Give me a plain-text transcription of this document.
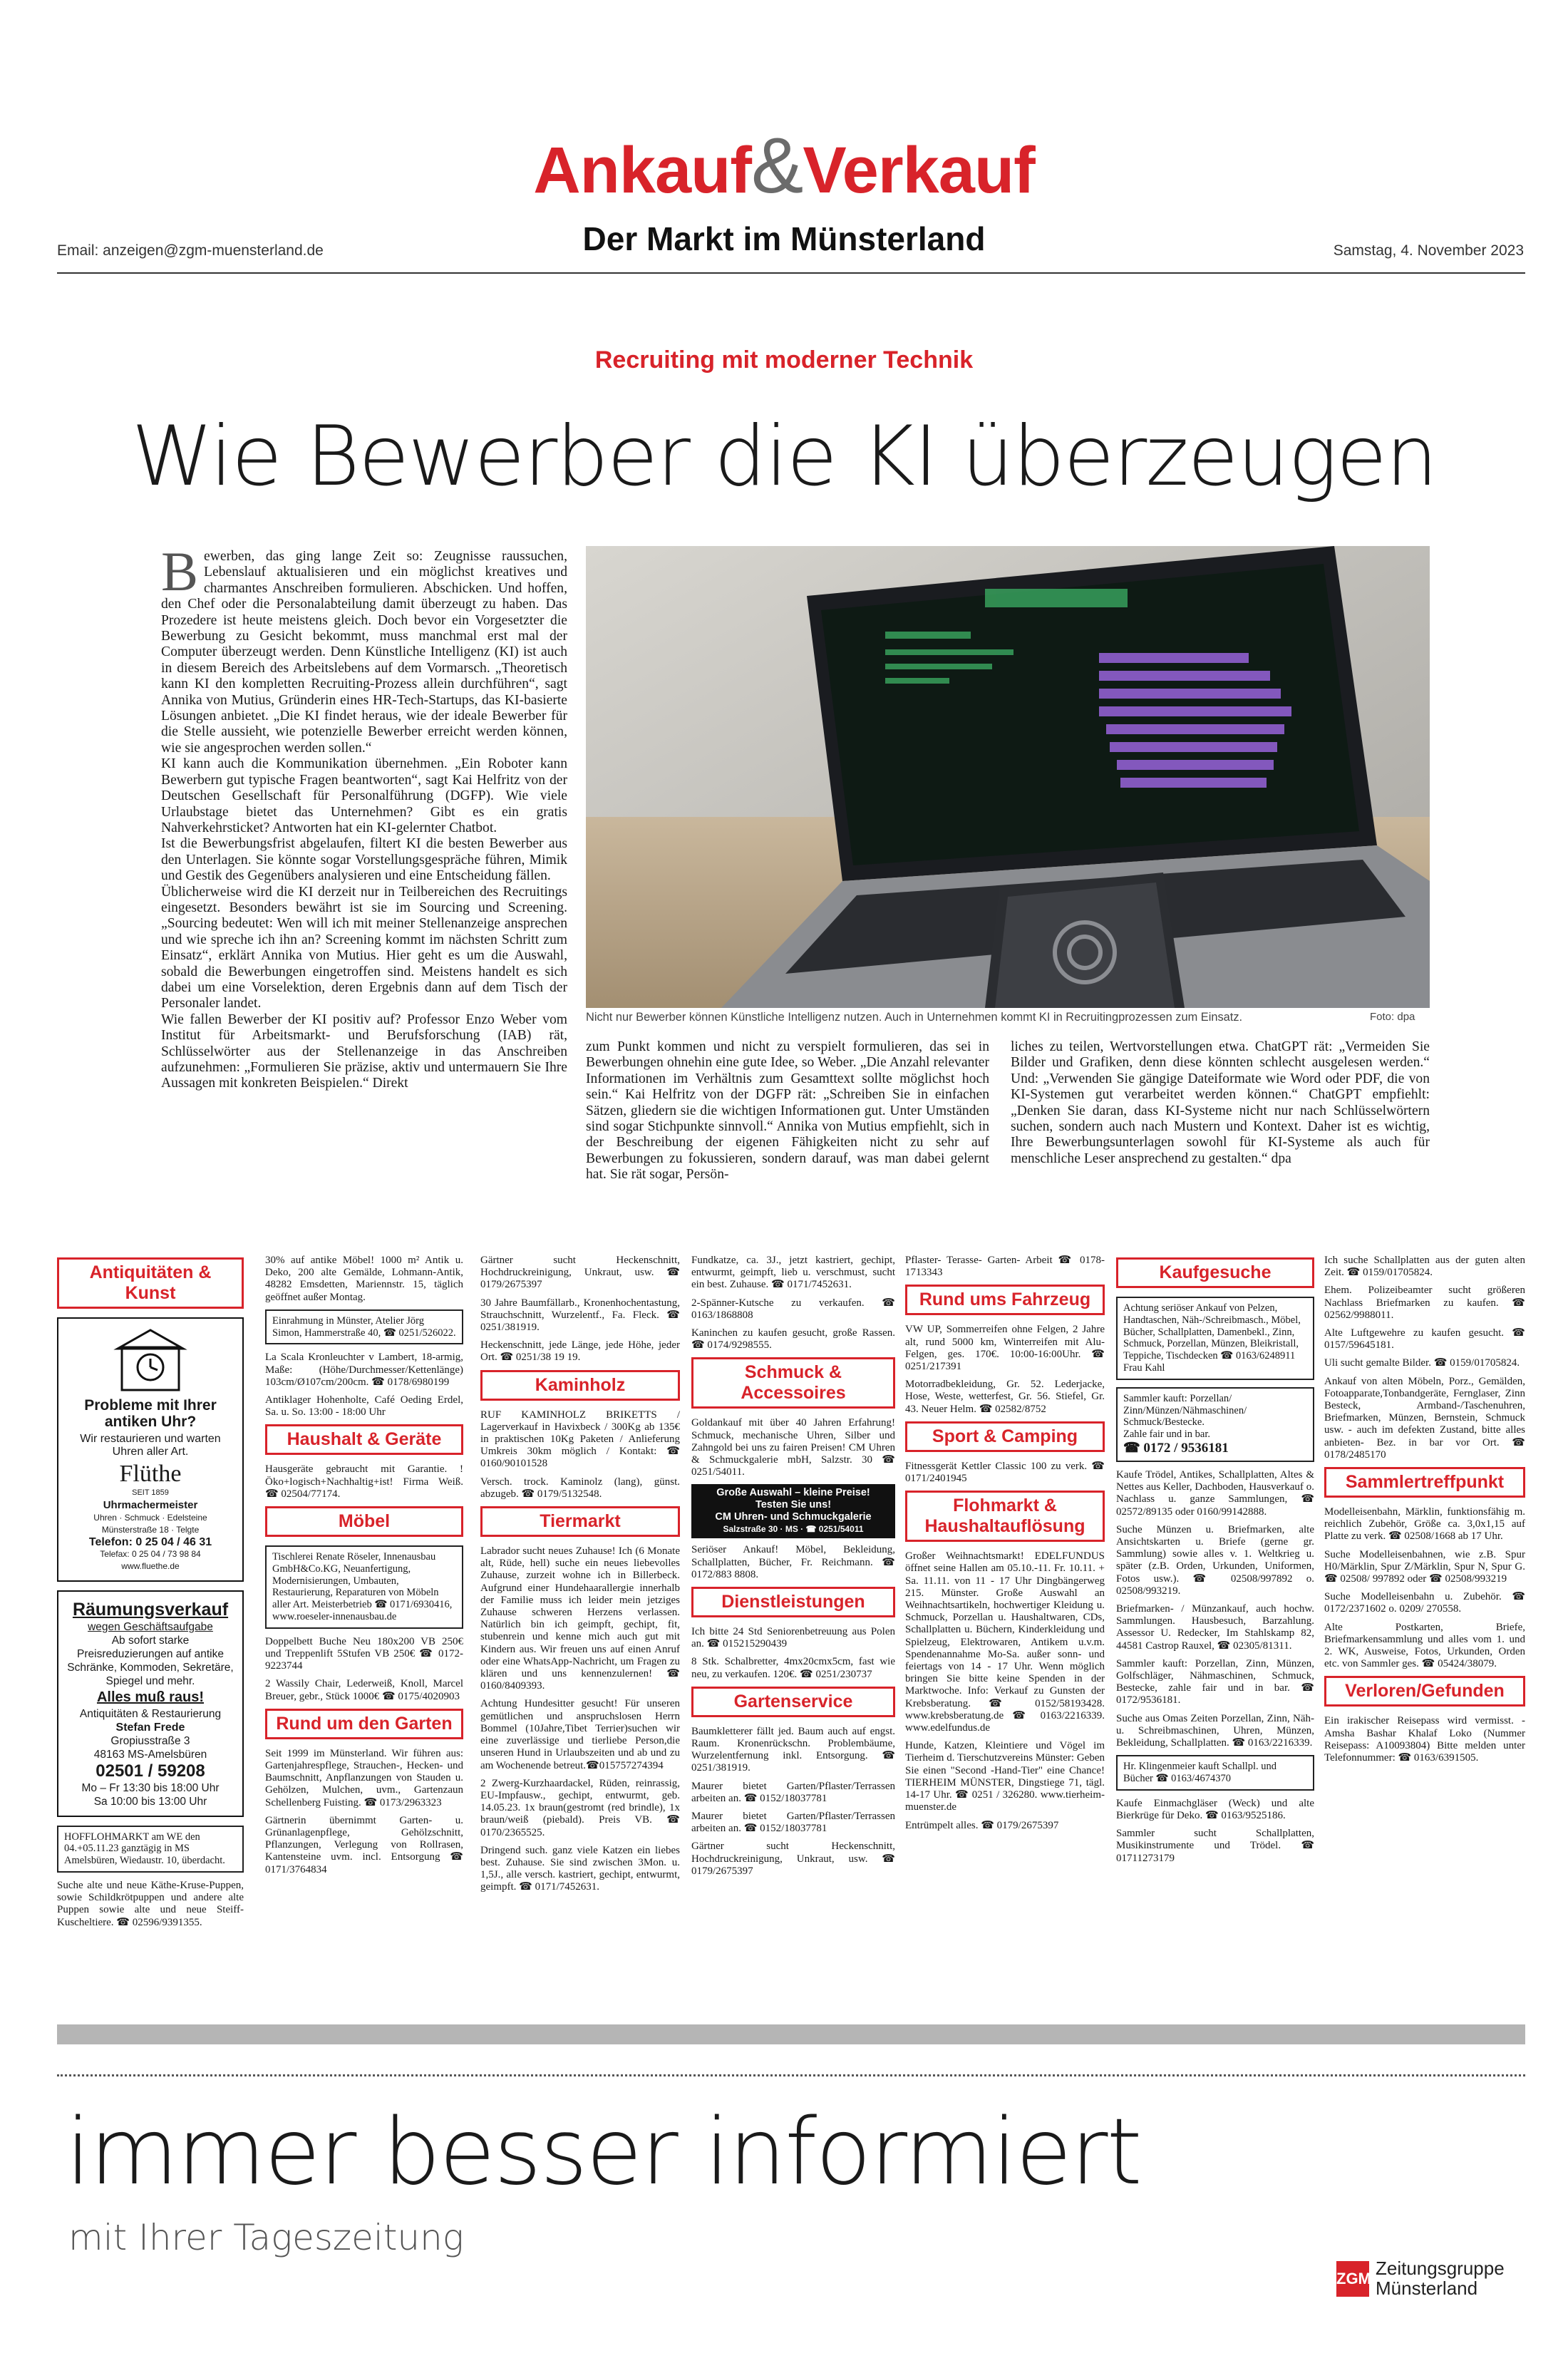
Ankauf&Verkauf
Email: anzeigen@zgm-muensterland.de	Der Markt im Münsterland	Samstag, 4. November 2023
Recruiting mit moderner Technik
Wie Bewerber die KI überzeugen

Bewerben, das ging lange Zeit so: Zeugnisse raussuchen, Lebenslauf aktualisieren und ein möglichst kreatives und charmantes Anschreiben formulieren. Abschicken. Und hoffen, den Chef oder die Personalabteilung damit überzeugt zu haben. Das Prozedere ist heute meistens gleich. Doch bevor ein Vorgesetzter die Bewerbung zu Gesicht bekommt, muss manchmal erst mal der Computer überzeugt werden. Denn Künstliche Intelligenz (KI) ist auch in diesem Bereich des Arbeitslebens auf dem Vormarsch. „Theoretisch kann KI den kompletten Recruiting-Prozess allein durchführen“, sagt Annika von Mutius, Gründerin eines HR-Tech-Startups, das KI-basierte Lösungen anbietet. „Die KI findet heraus, wie der ideale Bewerber für die Stelle aussieht, wie potenzielle Bewerber erreicht werden können, wie sie angesprochen werden sollen.“

KI kann auch die Kommunikation übernehmen. „Ein Roboter kann Bewerbern gut typische Fragen beantworten“, sagt Kai Helfritz von der Deutschen Gesellschaft für Personalführung (DGFP). Wie viele Urlaubstage bietet das Unternehmen? Gibt es ein gratis Nahverkehrsticket? Antworten hat ein KI-gelernter Chatbot.

Ist die Bewerbungsfrist abgelaufen, filtert KI die besten Bewerber aus den Unterlagen. Sie könnte sogar Vorstellungsgespräche führen, Mimik und Gestik des Gegenübers analysieren und eine Entscheidung fällen.

Üblicherweise wird die KI derzeit nur in Teilbereichen des Recruitings eingesetzt. Besonders bewährt ist sie im Sourcing und Screening. „Sourcing bedeutet: Wen will ich mit meiner Stellenanzeige ansprechen und wie spreche ich ihn an? Screening kommt im nächsten Schritt zum Einsatz“, erklärt Annika von Mutius. Hier geht es um die Auswahl, sobald die Bewerbungen eingetroffen sind. Meistens handelt es sich dabei um eine Vorselektion, deren Ergebnis dann auf dem Tisch der Personaler landet.

Wie fallen Bewerber der KI positiv auf? Professor Enzo Weber vom Institut für Arbeitsmarkt- und Berufsforschung (IAB) rät, Schlüsselwörter aus der Stellenanzeige in das Anschreiben aufzunehmen: „Formulieren Sie präzise, aktiv und untermauern Sie Ihre Aussagen mit konkreten Beispielen.“ Direkt

Nicht nur Bewerber können Künstliche Intelligenz nutzen. Auch in Unternehmen kommt KI in Recruitingprozessen zum Einsatz.	Foto: dpa
zum Punkt kommen und nicht zu verspielt formulieren, das sei in Bewerbungen ohnehin eine gute Idee, so Weber. „Die Anzahl relevanter Informationen im Verhältnis zum Gesamttext sollte möglichst hoch sein.“ Kai Helfritz von der DGFP rät: „Schreiben Sie in einfachen Sätzen, gliedern sie die wichtigen Informationen gut. Unter Umständen sind sogar Stichpunkte sinnvoll.“ Annika von Mutius empfiehlt, sich in der Beschreibung der eigenen Fähigkeiten nicht zu sehr auf Bewerbungen zu fokussieren, sondern darauf, was man dabei gelernt hat. Sie rät sogar, Persön-
liches zu teilen, Wertvorstellungen etwa. ChatGPT rät: „Vermeiden Sie Bilder und Grafiken, denn diese könnten schlecht ausgelesen werden.“ Und: „Verwenden Sie gängige Dateiformate wie Word oder PDF, die von KI-Systemen gut verarbeitet werden können.“ ChatGPT empfiehlt: „Denken Sie daran, dass KI-Systeme nicht nur nach Schlüsselwörtern suchen, sondern auch nach Mustern und Kontext. Daher ist es wichtig, Ihre Bewerbungsunterlagen sowohl für KI-Systeme als auch für menschliche Leser ansprechend zu gestalten.“ dpa
Antiquitäten & Kunst
Probleme mit Ihrer antiken Uhr?
Wir restaurieren und warten Uhren aller Art.
Flüthe
SEIT 1859
Uhrmachermeister
Uhren · Schmuck · Edelsteine
Münsterstraße 18 · Telgte
Telefon: 0 25 04 / 46 31
Telefax: 0 25 04 / 73 98 84
www.fluethe.de
Räumungsverkauf
wegen Geschäftsaufgabe
Ab sofort starke
Preisreduzierungen auf antike Schränke, Kommoden, Sekretäre, Spiegel und mehr.
Alles muß raus!
Antiquitäten & Restaurierung
Stefan Frede
Gropiusstraße 3
48163 MS-Amelsbüren
02501 / 59208
Mo – Fr 13:30 bis 18:00 Uhr
Sa 10:00 bis 13:00 Uhr
HOFFLOHMARKT am WE den 04.+05.11.23 ganztägig in MS Amelsbüren, Wiedaustr. 10, überdacht.

Suche alte und neue Käthe-Kruse-Puppen, sowie Schildkrötpuppen und andere alte Puppen sowie alte und neue Steiff-Kuscheltiere. ☎ 02596/9391355.

30% auf antike Möbel! 1000 m² Antik u. Deko, 200 alte Gemälde, Lohmann-Antik, 48282 Emsdetten, Mariennstr. 15, täglich geöffnet außer Montag.

Einrahmung in Münster, Atelier Jörg Simon, Hammerstraße 40, ☎ 0251/526022.

La Scala Kronleuchter v Lambert, 18-armig, Maße: (Höhe/Durchmesser/Kettenlänge) 103cm/Ø107cm/200cm. ☎ 0178/6980199

Antiklager Hohenholte, Café Oeding Erdel, Sa. u. So. 13:00 - 18:00 Uhr

Haushalt & Geräte

Hausgeräte gebraucht mit Garantie. !Öko+logisch+Nachhaltig+ist! Firma Weiß. ☎ 02504/77174.

Möbel
Tischlerei Renate Röseler, Innenausbau GmbH&Co.KG, Neuanfertigung, Modernisierungen, Umbauten, Restaurierung, Reparaturen von Möbeln aller Art. Meisterbetrieb ☎ 0171/6930416, www.roeseler-innenausbau.de

Doppelbett Buche Neu 180x200 VB 250€ und Treppenlift 5Stufen VB 250€ ☎ 0172-9223744

2 Wassily Chair, Lederweiß, Knoll, Marcel Breuer, gebr., Stück 1000€ ☎ 0175/4020903

Rund um den Garten

Seit 1999 im Münsterland. Wir führen aus: Gartenjahrespflege, Strauchen-, Hecken- und Baumschnitt, Anpflanzungen von Stauden u. Gehölzen, Mulchen, uvm., Gartenzaun Schellenberg Fuisting. ☎ 0173/2963323

Gärtnerin übernimmt Garten- u. Grünanlagenpflege, Gehölzschnitt, Pflanzungen, Verlegung von Rollrasen, Kantensteine uvm. incl. Entsorgung ☎ 0171/3764834

Gärtner sucht Heckenschnitt, Hochdruckreinigung, Unkraut, usw. ☎ 0179/2675397

30 Jahre Baumfällarb., Kronenhochentastung, Strauchschnitt, Wurzelentf., Fa. Fleck. ☎ 0251/381919.

Heckenschnitt, jede Länge, jede Höhe, jeder Ort. ☎ 0251/38 19 19.

Kaminholz

RUF KAMINHOLZ BRIKETTS / Lagerverkauf in Havixbeck / 300Kg ab 135€ in praktischen 10Kg Paketen / Anlieferung Umkreis 30km möglich / Kontakt: ☎ 0160/90101528

Versch. trock. Kaminolz (lang), günst. abzugeb. ☎ 0179/5132548.

Tiermarkt

Labrador sucht neues Zuhause! Ich (6 Monate alt, Rüde, hell) suche ein neues liebevolles Zuhause, zurzeit wohne ich in Billerbeck. Aufgrund einer Hundehaarallergie innerhalb der Familie muss ich leider mein jetziges Zuhause schweren Herzens verlassen. Natürlich bin ich geimpft, gechipt, fit, stubenrein und kenne mich auch gut mit Kindern aus. Wir freuen uns auf einen Anruf oder eine WhatsApp-Nachricht, um Fragen zu klären und uns kennenzulernen! ☎ 0160/8409393.

Achtung Hundesitter gesucht! Für unseren gemütlichen und anspruchslosen Herrn Bommel (10Jahre,Tibet Terrier)suchen wir eine zuverlässige und tierliebe Person,die unseren Hund in Urlaubszeiten und ab und zu am Wochenende betreut.☎015757274394

2 Zwerg-Kurzhaardackel, Rüden, reinrassig, EU-Impfausw., gechipt, entwurmt, geb. 14.05.23. 1x braun(gestromt (red brindle), 1x braun/weiß (piebald). Preis VB. ☎ 0170/2365525.

Dringend such. ganz viele Katzen ein liebes best. Zuhause. Sie sind zwischen 3Mon. u. 1,5J., alle versch. kastriert, gechipt, entwurmt, geimpft. ☎ 0171/7452631.

Fundkatze, ca. 3J., jetzt kastriert, gechipt, entwurmt, geimpft, lieb u. verschmust, sucht ein best. Zuhause. ☎ 0171/7452631.

2-Spänner-Kutsche zu verkaufen. ☎ 0163/1868808

Kaninchen zu kaufen gesucht, große Rassen. ☎ 0174/9298555.

Schmuck & Accessoires

Goldankauf mit über 40 Jahren Erfahrung! Schmuck, mechanische Uhren, Silber und Zahngold bei uns zu fairen Preisen! CM Uhren & Schmuckgalerie mbH, Salzstr. 30 ☎ 0251/54011.

Große Auswahl – kleine Preise!
Testen Sie uns!
CM Uhren- und Schmuckgalerie
Salzstraße 30 · MS · ☎ 0251/54011

Seriöser Ankauf! Möbel, Bekleidung, Schallplatten, Bücher, Fr. Reichmann. ☎ 0172/883 8808.

Dienstleistungen

Ich bitte 24 Std Seniorenbetreuung aus Polen an. ☎ 015215290439

8 Stk. Schalbretter, 4mx20cmx5cm, fast wie neu, zu verkaufen. 120€. ☎ 0251/230737

Gartenservice

Baumkletterer fällt jed. Baum auch auf engst. Raum. Kronenrückschn. Problembäume, Wurzelentfernung inkl. Entsorgung. ☎ 0251/381919.

Maurer bietet Garten/Pflaster/Terrassen arbeiten an. ☎ 0152/18037781

Maurer bietet Garten/Pflaster/Terrassen arbeiten an. ☎ 0152/18037781

Gärtner sucht Heckenschnitt, Hochdruckreinigung, Unkraut, usw. ☎ 0179/2675397

Pflaster- Terasse- Garten- Arbeit ☎ 0178-1713343

Rund ums Fahrzeug

VW UP, Sommerreifen ohne Felgen, 2 Jahre alt, rund 5000 km, Winterreifen mit Alu-Felgen, ges. 170€. 10:00-16:00Uhr. ☎ 0251/217391

Motorradbekleidung, Gr. 52. Lederjacke, Hose, Weste, wetterfest, Gr. 56. Stiefel, Gr. 43. Neuer Helm. ☎ 02582/8752

Sport & Camping

Fitnessgerät Kettler Classic 100 zu verk. ☎ 0171/2401945

Flohmarkt & Haushaltauflösung

Großer Weihnachtsmarkt! EDELFUNDUS öffnet seine Hallen am 05.10.-11. Fr. 10.11. + Sa. 11.11. von 11 - 17 Uhr Dingbängerweg 215. Münster. Große Auswahl an Weihnachtsartikeln, hochwertiger Kleidung u. Schmuck, Porzellan u. Haushaltwaren, CDs, Schallplatten u. Büchern, Kinderkleidung und Spielzeug, Elektrowaren, Antikem u.v.m. Spendenannahme Mo-Sa. außer sonn- und feiertags von 14 - 17 Uhr. Wenn möglich bringen Sie bitte keine Spenden in der Marktwoche. Info: Verkauf zu Gunsten der Krebsberatung. ☎ 0152/58193428. www.krebsberatung.de ☎ 0163/2216339. www.edelfundus.de

Hunde, Katzen, Kleintiere und Vögel im Tierheim d. Tierschutzvereins Münster: Geben Sie einen "Second -Hand-Tier" eine Chance! TIERHEIM MÜNSTER, Dingstiege 71, tägl. 14-17 Uhr. ☎ 0251 / 326280. www.tierheim-muenster.de

Entrümpelt alles. ☎ 0179/2675397

Kaufgesuche
Achtung seriöser Ankauf von Pelzen, Handtaschen, Näh-/Schreibmasch., Möbel, Bücher, Schallplatten, Damenbekl., Zinn, Schmuck, Porzellan, Münzen, Bleikristall, Teppiche, Tischdecken ☎ 0163/6248911 Frau Kahl
Sammler kauft: Porzellan/ Zinn/Münzen/Nähmaschinen/ Schmuck/Bestecke.
Zahle fair und in bar.
☎ 0172 / 9536181

Kaufe Trödel, Antikes, Schallplatten, Altes & Nettes aus Keller, Dachboden, Hausverkauf o. Nachlass u. ganze Sammlungen, ☎ 02572/89135 oder 0160/99142888.

Suche Münzen u. Briefmarken, alte Ansichtskarten u. Briefe (gerne gr. Sammlung) sowie alles v. 1. Weltkrieg u. später (z.B. Orden, Urkunden, Uniformen, Fotos usw.). ☎ 02508/997892 o. 02508/993219.

Briefmarken- / Münzankauf, auch hochw. Sammlungen. Hausbesuch, Barzahlung. Assessor U. Redecker, Im Stahlskamp 82, 44581 Castrop Rauxel, ☎ 02305/81311.

Sammler kauft: Porzellan, Zinn, Münzen, Golfschläger, Nähmaschinen, Schmuck, Bestecke, zahle fair und in bar. ☎ 0172/9536181.

Suche aus Omas Zeiten Porzellan, Zinn, Näh- u. Schreibmaschinen, Uhren, Münzen, Bekleidung, Schallplatten. ☎ 0163/2216339.

Hr. Klingenmeier kauft Schallpl. und Bücher ☎ 0163/4674370

Kaufe Einmachgläser (Weck) und alte Bierkrüge für Deko. ☎ 0163/9525186.

Sammler sucht Schallplatten, Musikinstrumente und Trödel. ☎ 01711273179

Ich suche Schallplatten aus der guten alten Zeit. ☎ 0159/01705824.

Ehem. Polizeibeamter sucht größeren Nachlass Briefmarken zu kaufen. ☎ 02562/9988011.

Alte Luftgewehre zu kaufen gesucht. ☎ 0157/59645181.

Uli sucht gemalte Bilder. ☎ 0159/01705824.

Ankauf von alten Möbeln, Porz., Gemälden, Fotoapparate,Tonbandgeräte, Fernglaser, Zinn Besteck, Armband-/Taschenuhren, Briefmarken, Münzen, Bernstein, Schmuck usw. - auch im defekten Zustand, bitte alles anbieten- Bez. in bar vor Ort. ☎ 0178/2485170

Sammlertreffpunkt

Modelleisenbahn, Märklin, funktionsfähig m. reichlich Zubehör, Größe ca. 3,0x1,15 auf Platte zu verk. ☎ 02508/1668 ab 17 Uhr.

Suche Modelleisenbahnen, wie z.B. Spur H0/Märklin, Spur Z/Märklin, Spur N, Spur G. ☎ 02508/ 997892 oder ☎ 02508/993219

Suche Modelleisenbahn u. Zubehör. ☎ 0172/2371602 o. 0209/ 270558.

Alte Postkarten, Briefe, Briefmarkensammlung und alles vom 1. und 2. WK, Ausweise, Fotos, Urkunden, Orden etc. von Sammler ges. ☎ 05424/38079.

Verloren/Gefunden

Ein irakischer Reisepass wird vermisst. -Amsha Bashar Khalaf Loko (Nummer Reisepass: A10093804) Bitte melden unter Telefonnummer: ☎ 0163/6391505.

immer besser informiert
mit Ihrer Tageszeitung
ZGM Zeitungsgruppe
Münsterland
